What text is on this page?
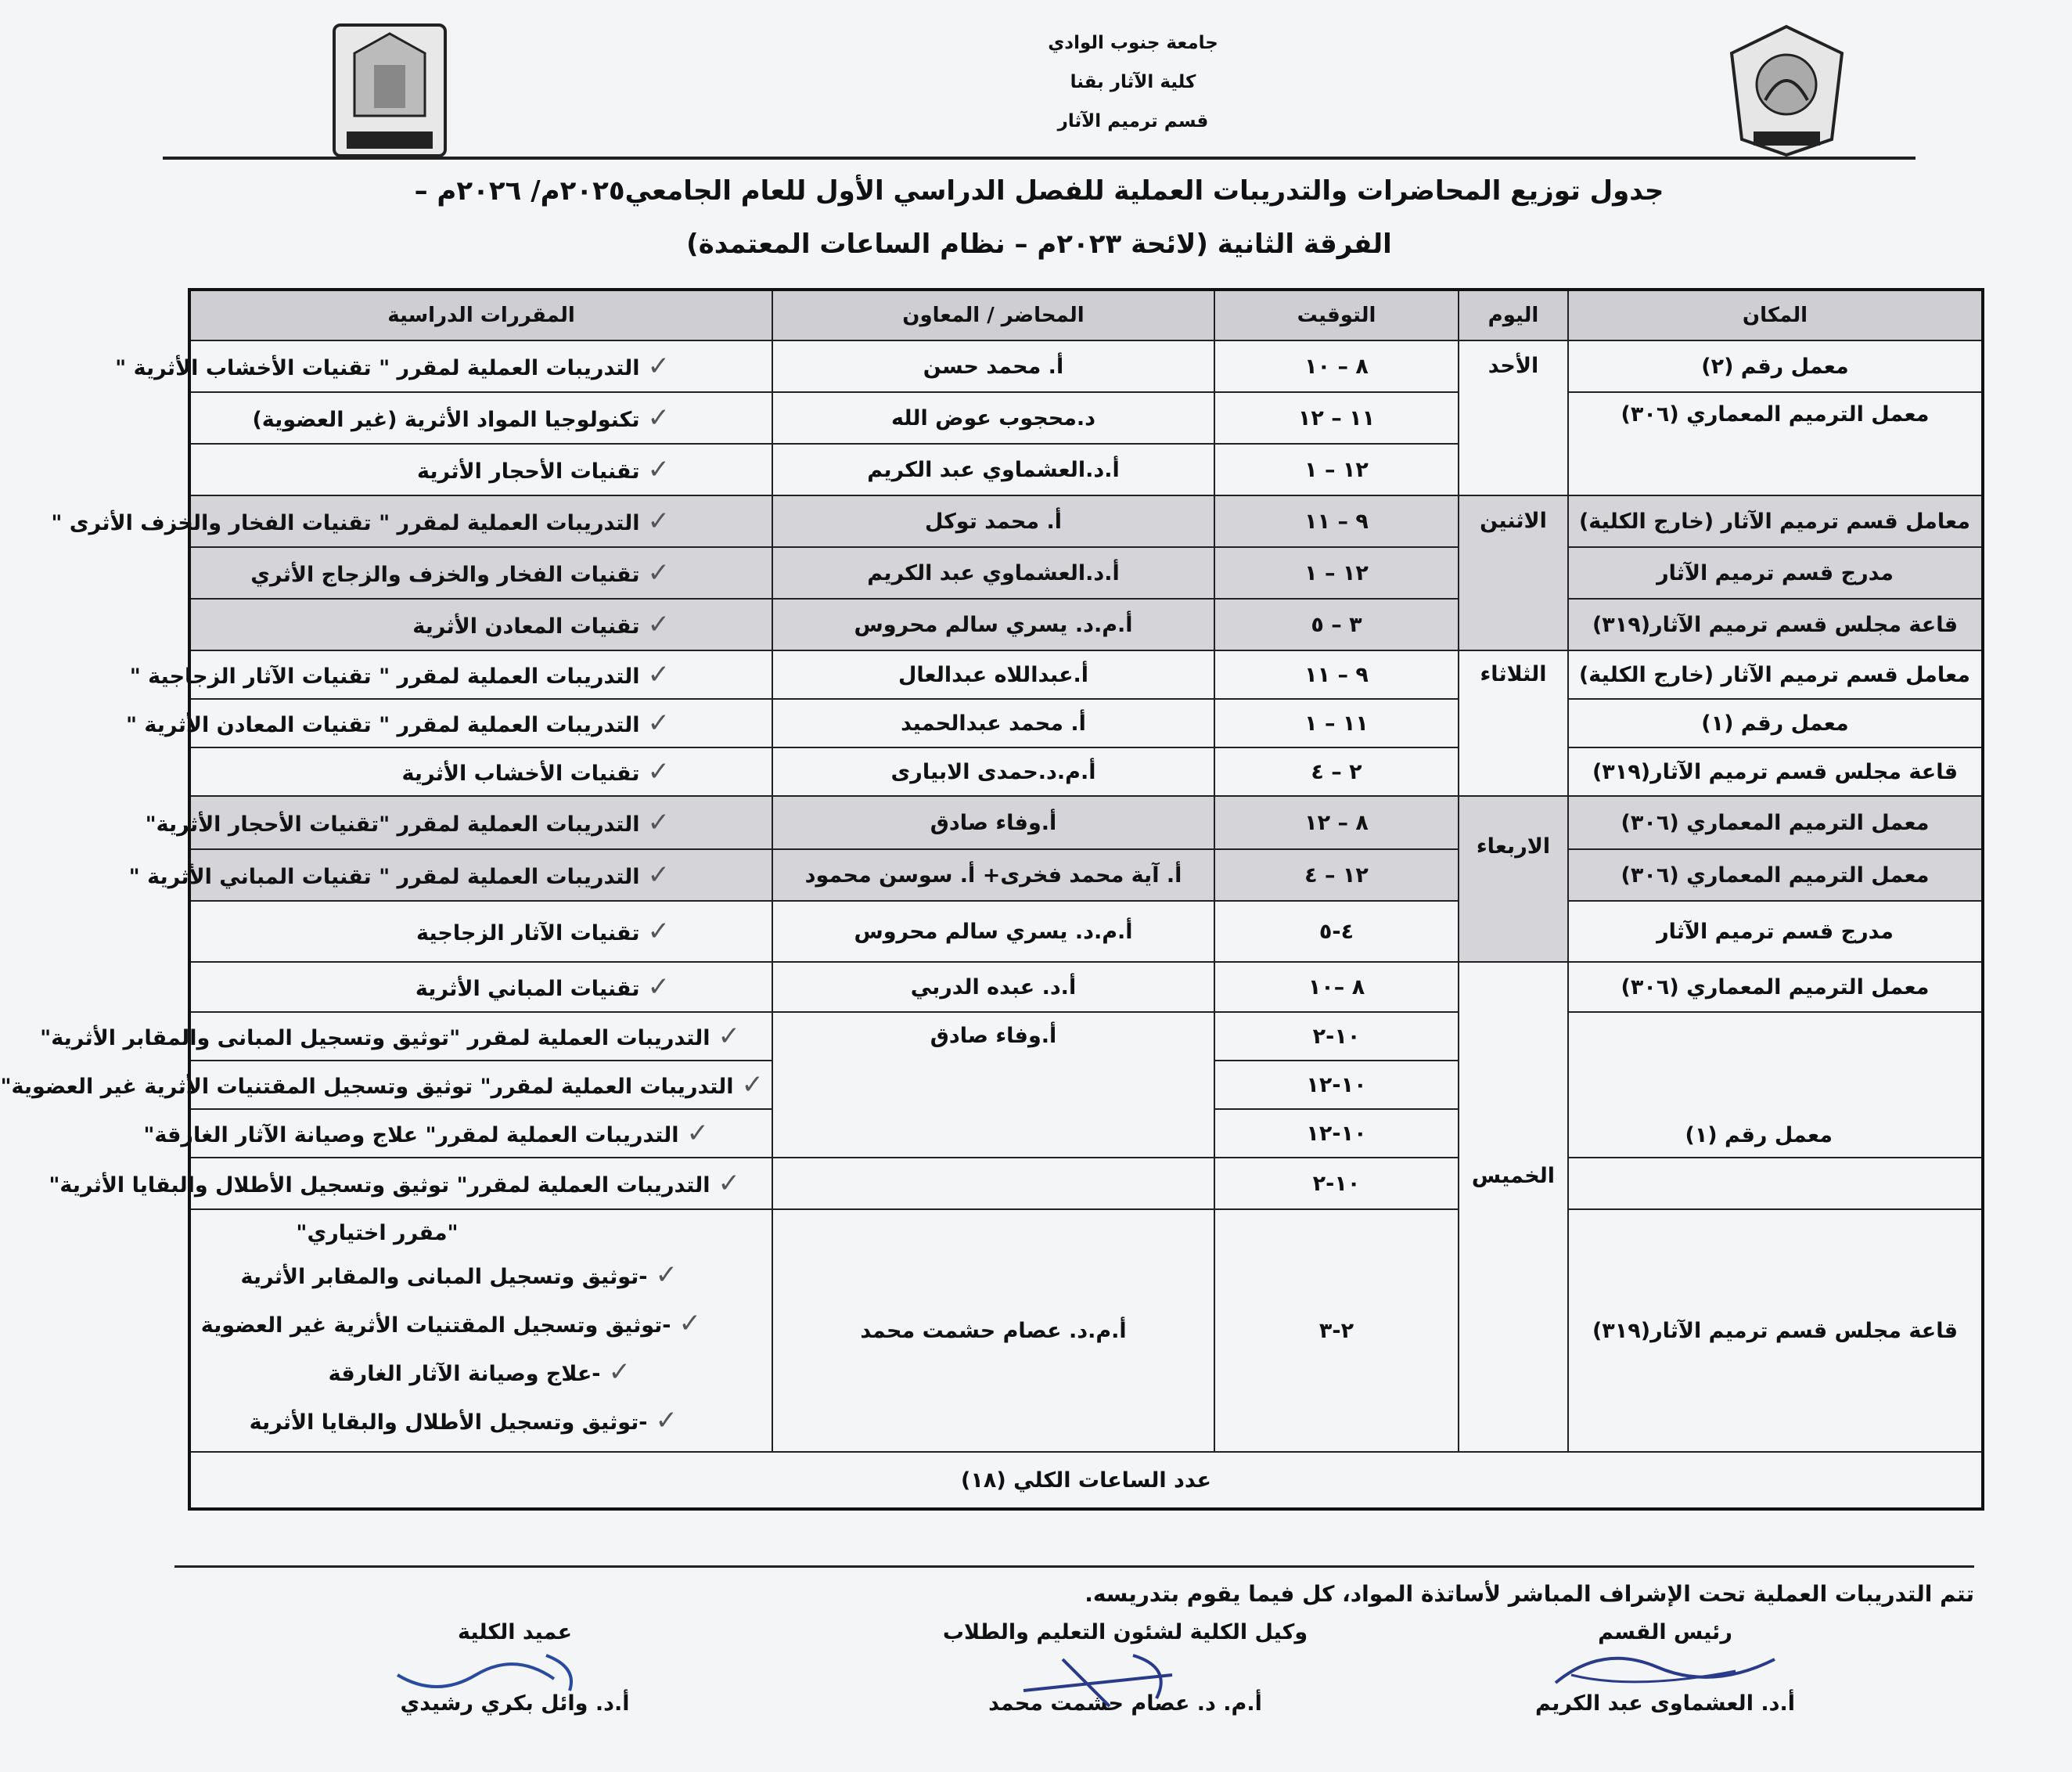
جامعة جنوب الوادي
كلية الآثار بقنا
قسم ترميم الآثار
جدول توزيع المحاضرات والتدريبات العملية للفصل الدراسي الأول للعام الجامعي٢٠٢٥م/ ٢٠٢٦م –
الفرقة الثانية (لائحة ٢٠٢٣م – نظام الساعات المعتمدة)
المكان	اليوم	التوقيت	المحاضر / المعاون	المقررات الدراسية
معمل رقم (٢)	الأحد	٨ – ١٠	أ. محمد حسن	✓التدريبات العملية لمقرر " تقنيات الأخشاب الأثرية "
معمل الترميم المعماري (٣٠٦)		١١ – ١٢	د.محجوب عوض الله	✓تكنولوجيا المواد الأثرية (غير العضوية)
		١٢ – ١	أ.د.العشماوي عبد الكريم	✓تقنيات الأحجار الأثرية
معامل قسم ترميم الآثار (خارج الكلية)	الاثنين	٩ – ١١	أ. محمد توكل	✓التدريبات العملية لمقرر " تقنيات الفخار والخزف الأثرى "
مدرج قسم ترميم الآثار		١٢ – ١	أ.د.العشماوي عبد الكريم	✓تقنيات الفخار والخزف والزجاج الأثري
قاعة مجلس قسم ترميم الآثار(٣١٩)		٣ – ٥	أ.م.د. يسري سالم محروس	✓تقنيات المعادن الأثرية
معامل قسم ترميم الآثار (خارج الكلية)	الثلاثاء	٩ – ١١	أ.عبداللاه عبدالعال	✓التدريبات العملية لمقرر " تقنيات الآثار الزجاجية "
معمل رقم (١)		١١ – ١	أ. محمد عبدالحميد	✓التدريبات العملية لمقرر " تقنيات المعادن الأثرية "
قاعة مجلس قسم ترميم الآثار(٣١٩)		٢ – ٤	أ.م.د.حمدى الابيارى	✓تقنيات الأخشاب الأثرية
معمل الترميم المعماري (٣٠٦)	الاربعاء	٨ – ١٢	أ.وفاء صادق	✓التدريبات العملية لمقرر "تقنيات الأحجار الأثرية"
معمل الترميم المعماري (٣٠٦)		١٢ – ٤	أ. آية محمد فخرى+ أ. سوسن محمود	✓التدريبات العملية لمقرر " تقنيات المباني الأثرية "
مدرج قسم ترميم الآثار		٤-٥	أ.م.د. يسري سالم محروس	✓تقنيات الآثار الزجاجية
معمل الترميم المعماري (٣٠٦)	الخميس	٨ –١٠	أ.د. عبده الدربي	✓تقنيات المباني الأثرية
معمل رقم (١)		١٠-٢	أ.وفاء صادق	✓التدريبات العملية لمقرر "توثيق وتسجيل المبانى والمقابر الأثرية"
		١٠-١٢		✓التدريبات العملية لمقرر" توثيق وتسجيل المقتنيات الأثرية غير العضوية"
		١٠-١٢		✓التدريبات العملية لمقرر" علاج وصيانة الآثار الغارقة"
		١٠-٢		✓التدريبات العملية لمقرر" توثيق وتسجيل الأطلال والبقايا الأثرية"
قاعة مجلس قسم ترميم الآثار(٣١٩)		٢-٣	أ.م.د. عصام حشمت محمد	"مقرر اختياري"
✓-توثيق وتسجيل المبانى والمقابر الأثرية
✓-توثيق وتسجيل المقتنيات الأثرية غير العضوية
✓-علاج وصيانة الآثار الغارقة
✓-توثيق وتسجيل الأطلال والبقايا الأثرية

عدد الساعات الكلي (١٨)				
تتم التدريبات العملية تحت الإشراف المباشر لأساتذة المواد، كل فيما يقوم بتدريسه.
رئيس القسم
أ.د. العشماوى عبد الكريم
وكيل الكلية لشئون التعليم والطلاب
أ.م. د. عصام حشمت محمد
عميد الكلية
أ.د. وائل بكري رشيدي
